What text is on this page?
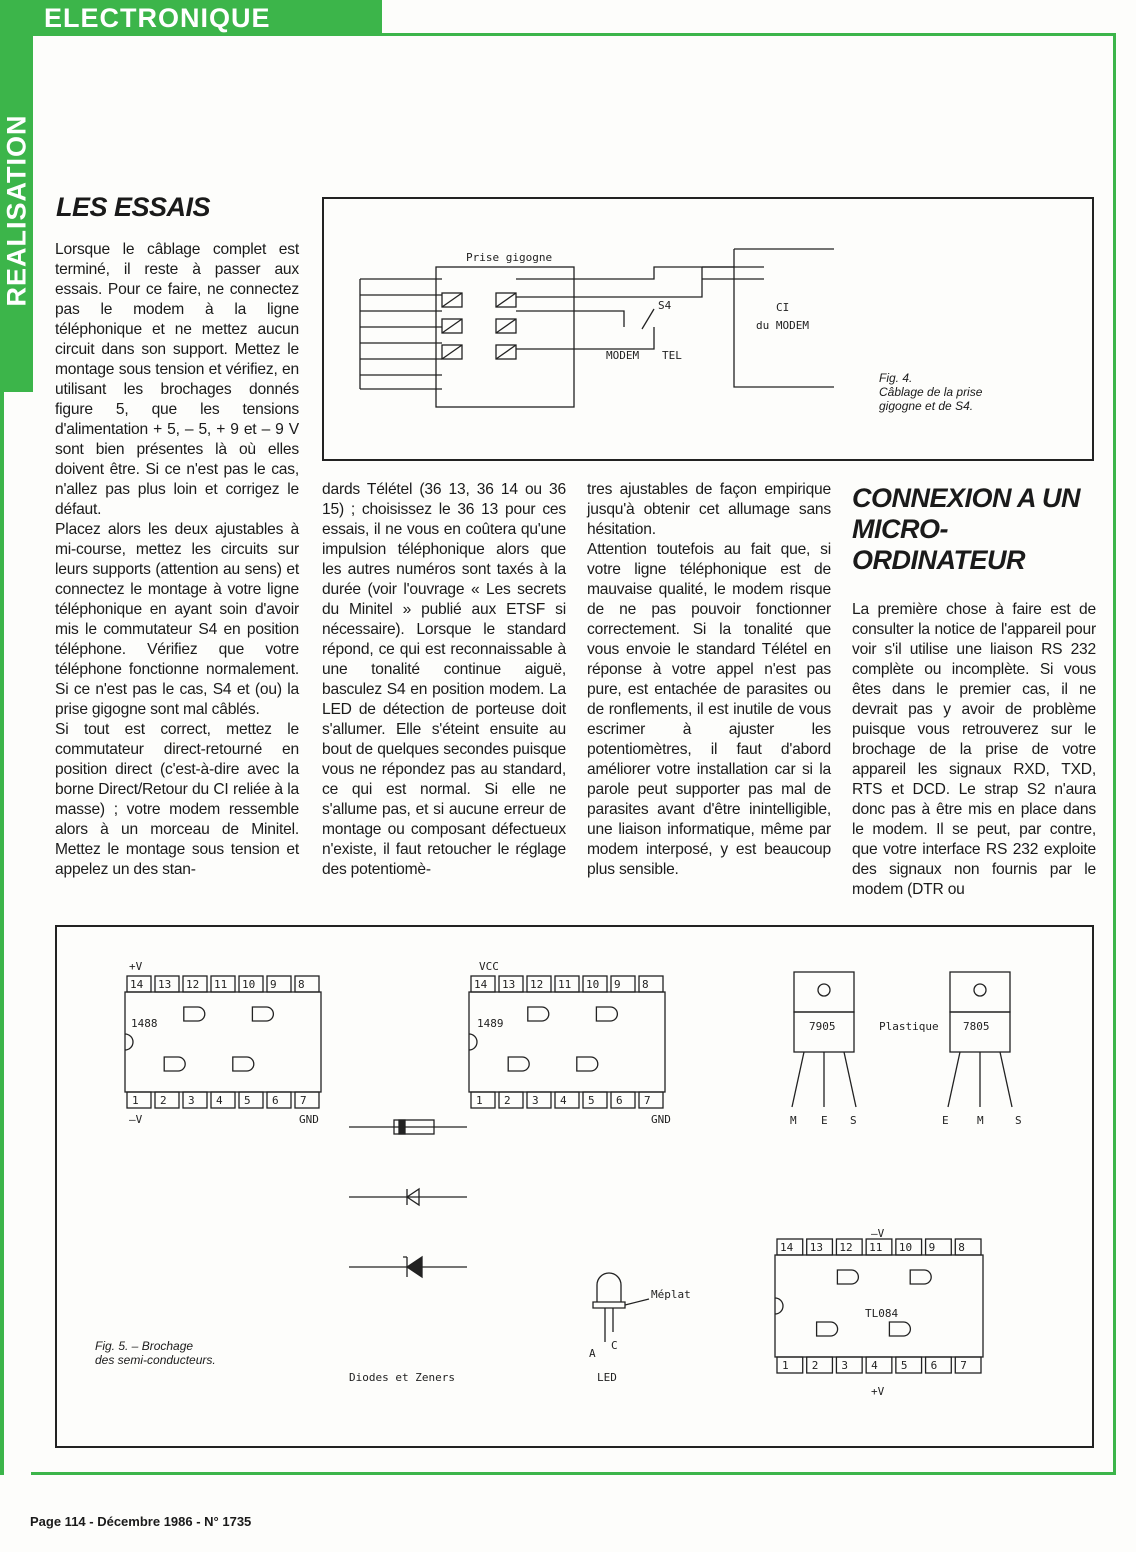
ELECTRONIQUE
REALISATION LES ESSAIS

Lorsque le câblage complet est terminé, il reste à passer aux essais. Pour ce faire, ne connectez pas le modem à la ligne téléphonique et ne mettez aucun circuit dans son support. Mettez le montage sous tension et vérifiez, en utilisant les brochages donnés figure 5, que les tensions d'alimentation + 5, – 5, + 9 et – 9 V sont bien présentes là où elles doivent être. Si ce n'est pas le cas, n'allez pas plus loin et corrigez le défaut.

Placez alors les deux ajustables à mi-course, mettez les circuits sur leurs supports (attention au sens) et connectez le montage à votre ligne téléphonique en ayant soin d'avoir mis le commutateur S4 en position téléphone. Vérifiez que votre téléphone fonctionne normalement. Si ce n'est pas le cas, S4 et (ou) la prise gigogne sont mal câblés.

Si tout est correct, mettez le commutateur direct-retourné en position direct (c'est-à-dire avec la borne Direct/Retour du CI reliée à la masse) ; votre modem ressemble alors à un morceau de Minitel. Mettez le montage sous tension et appelez un des stan-

dards Télétel (36 13, 36 14 ou 36 15) ; choisissez le 36 13 pour ces essais, il ne vous en coûtera qu'une impulsion téléphonique alors que les autres numéros sont taxés à la durée (voir l'ouvrage « Les secrets du Minitel » publié aux ETSF si nécessaire). Lorsque le standard répond, ce qui est reconnaissable à une tonalité continue aiguë, basculez S4 en position modem. La LED de détection de porteuse doit s'allumer. Elle s'éteint ensuite au bout de quelques secondes puisque vous ne répondez pas au standard, ce qui est normal. Si elle ne s'allume pas, et si aucune erreur de montage ou composant défectueux n'existe, il faut retoucher le réglage des potentiomè-

tres ajustables de façon empirique jusqu'à obtenir cet allumage sans hésitation.

Attention toutefois au fait que, si votre ligne téléphonique est de mauvaise qualité, le modem risque de ne pas pouvoir fonctionner correctement. Si la tonalité que vous envoie le standard Télétel en réponse à votre appel n'est pas pure, est entachée de parasites ou de ronflements, il est inutile de vous escrimer à ajuster les potentiomètres, il faut d'abord améliorer votre installation car si la parole peut supporter pas mal de parasites avant d'être inintelligible, une liaison informatique, même par modem interposé, y est beaucoup plus sensible.

CONNEXION A UN MICRO-ORDINATEUR

La première chose à faire est de consulter la notice de l'appareil pour voir s'il utilise une liaison RS 232 complète ou incomplète. Si vous êtes dans le premier cas, il ne devrait pas y avoir de problème puisque vous retrouverez sur le brochage de la prise de votre appareil les signaux RXD, TXD, RTS et DCD. Le strap S2 n'aura donc pas à être mis en place dans le modem. Il se peut, par contre, que votre interface RS 232 exploite des signaux non fournis par le modem (DTR ou

Prise gigogne
S4
MODEM TEL
CI
du MODEM
Fig. 4.
Câblage de la prise gigogne et de S4.
+V
–V	GND
1488
VCC
GND
1489
14
1
13
2
12
3
11
4
10
5
9
6
8
7
14
1
13
2
12
3
11
4
10
5
9
6
8
7
14
1
13
2
12
3
11
4
10
5
9
6
8
7
7905	7805
Plastique
M E S	E	M	S
Diodes et Zeners
Méplat
A
C
LED
–V
+V
TL084
Fig. 5. – Brochage
des semi-conducteurs.
Page 114 - Décembre 1986 - N° 1735
